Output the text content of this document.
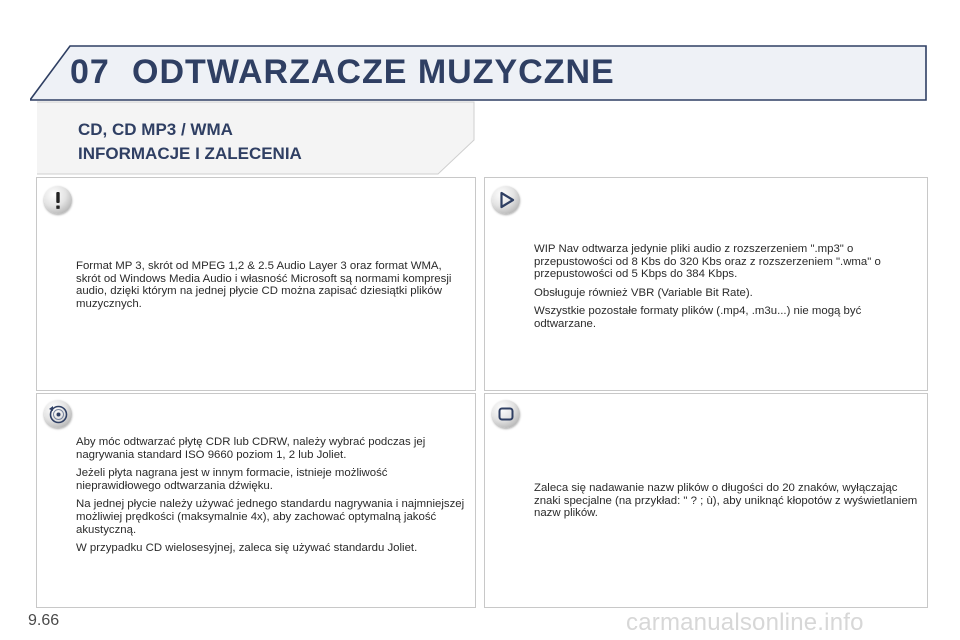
07 ODTWARZACZE MUZYCZNE
CD, CD MP3 / WMA
INFORMACJE I ZALECENIA

Format MP 3, skrót od MPEG 1,2 & 2.5 Audio Layer 3 oraz format WMA, skrót od Windows Media Audio i własność Microsoft są normami kompresji audio, dzięki którym na jednej płycie CD można zapisać dziesiątki plików muzycznych.

WIP Nav odtwarza jedynie pliki audio z rozszerzeniem ".mp3" o przepustowości od 8 Kbs do 320 Kbs oraz z rozszerzeniem ".wma" o przepustowości od 5 Kbps do 384 Kbps.

Obsługuje również VBR (Variable Bit Rate).

Wszystkie pozostałe formaty plików (.mp4, .m3u...) nie mogą być odtwarzane.

Aby móc odtwarzać płytę CDR lub CDRW, należy wybrać podczas jej nagrywania standard ISO 9660 poziom 1, 2 lub Joliet.

Jeżeli płyta nagrana jest w innym formacie, istnieje możliwość nieprawidłowego odtwarzania dźwięku.

Na jednej płycie należy używać jednego standardu nagrywania i najmniejszej możliwiej prędkości (maksymalnie 4x), aby zachować optymalną jakość akustyczną.

W przypadku CD wielosesyjnej, zaleca się używać standardu Joliet.

Zaleca się nadawanie nazw plików o długości do 20 znaków, wyłączając znaki specjalne (na przykład: " ? ; ù), aby uniknąć kłopotów z wyświetlaniem nazw plików.

9.66	carmanualsonline.info
